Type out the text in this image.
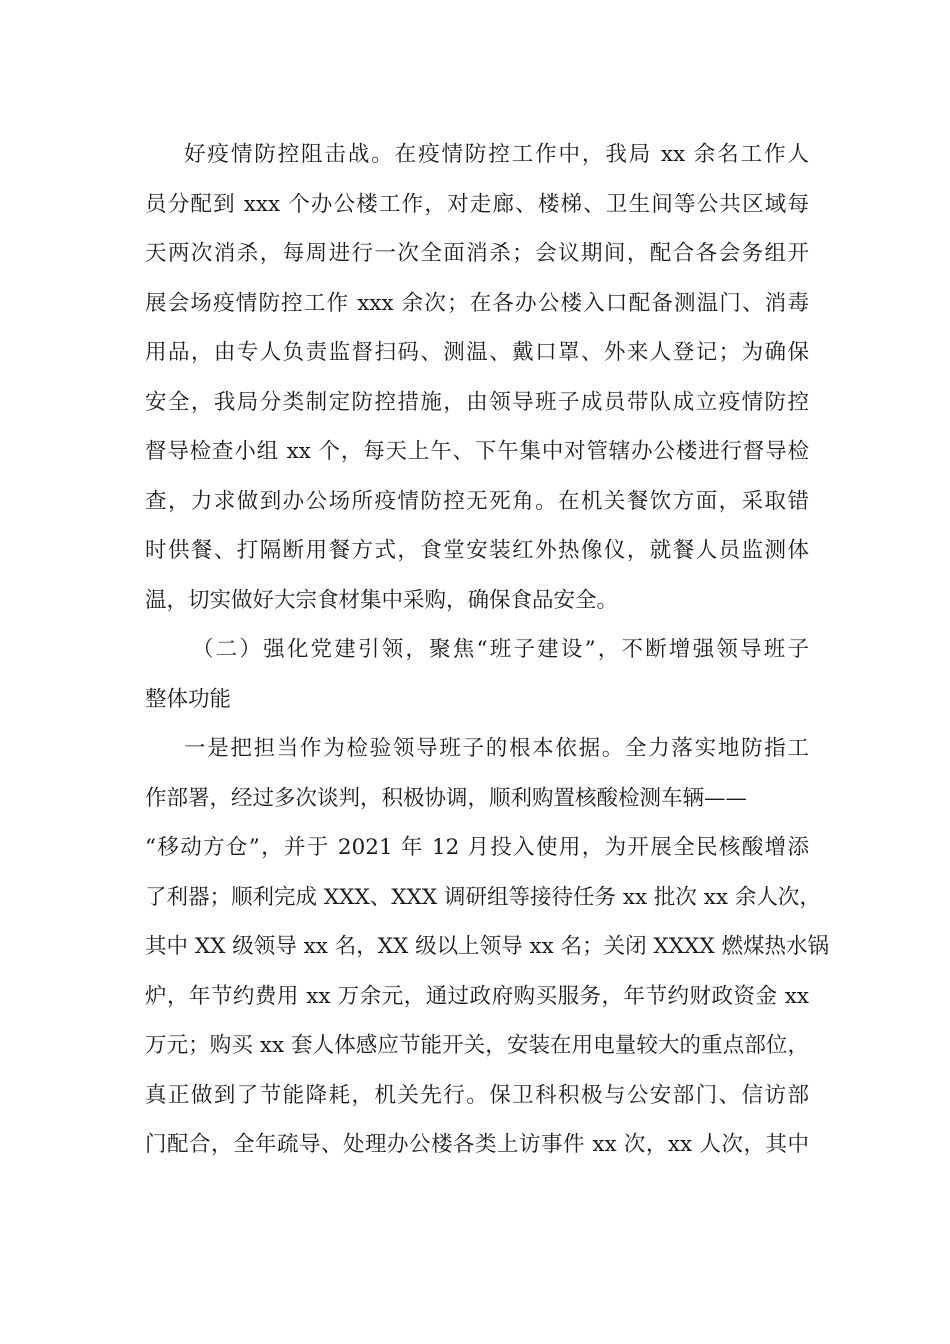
好疫情防控阻击战。在疫情防控工作中，我局 xx 余名工作人
员分配到 xxx 个办公楼工作，对走廊、楼梯、卫生间等公共区域每
天两次消杀，每周进行一次全面消杀；会议期间，配合各会务组开
展会场疫情防控工作 xxx 余次；在各办公楼入口配备测温门、消毒
用品，由专人负责监督扫码、测温、戴口罩、外来人登记；为确保
安全，我局分类制定防控措施，由领导班子成员带队成立疫情防控
督导检查小组 xx 个，每天上午、下午集中对管辖办公楼进行督导检
查，力求做到办公场所疫情防控无死角。在机关餐饮方面，采取错
时供餐、打隔断用餐方式，食堂安装红外热像仪，就餐人员监测体
温，切实做好大宗食材集中采购，确保食品安全。
（二）强化党建引领，聚焦“班子建设”，不断增强领导班子
整体功能
一是把担当作为检验领导班子的根本依据。全力落实地防指工
作部署，经过多次谈判，积极协调，顺利购置核酸检测车辆——
“移动方仓”，并于 2021 年 12 月投入使用，为开展全民核酸增添
了利器；顺利完成 XXX、XXX 调研组等接待任务 xx 批次 xx 余人次，
其中 XX 级领导 xx 名，XX 级以上领导 xx 名；关闭 XXXX 燃煤热水锅
炉，年节约费用 xx 万余元，通过政府购买服务，年节约财政资金 xx
万元；购买 xx 套人体感应节能开关，安装在用电量较大的重点部位，
真正做到了节能降耗，机关先行。保卫科积极与公安部门、信访部
门配合，全年疏导、处理办公楼各类上访事件 xx 次，xx 人次，其中
